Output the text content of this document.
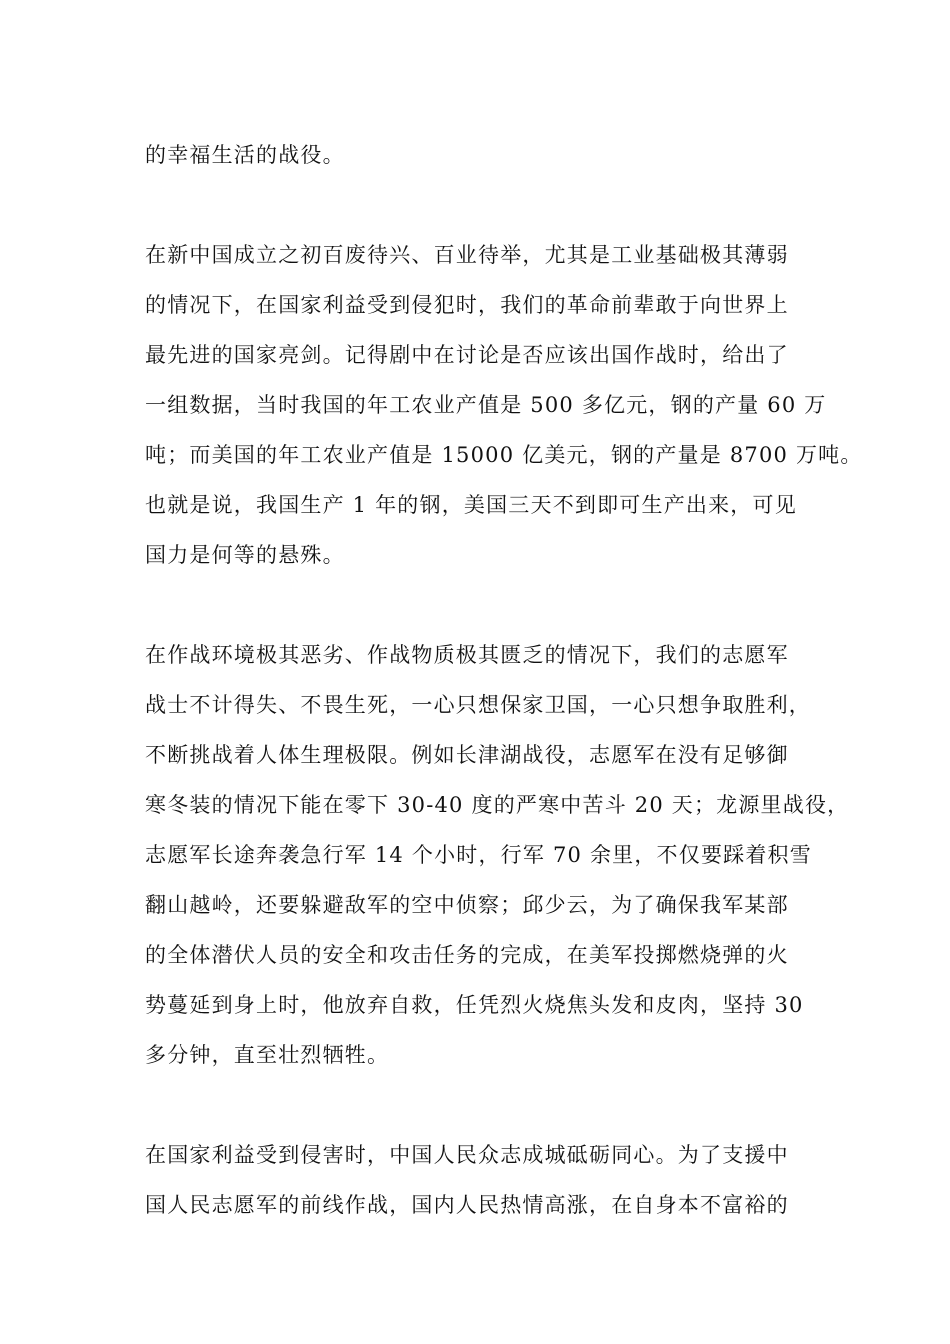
的幸福生活的战役。
在新中国成立之初百废待兴、百业待举，尤其是工业基础极其薄弱
的情况下，在国家利益受到侵犯时，我们的革命前辈敢于向世界上
最先进的国家亮剑。记得剧中在讨论是否应该出国作战时，给出了
一组数据，当时我国的年工农业产值是 500 多亿元，钢的产量 60 万
吨；而美国的年工农业产值是 15000 亿美元，钢的产量是 8700 万吨。
也就是说，我国生产 1 年的钢，美国三天不到即可生产出来，可见
国力是何等的悬殊。
在作战环境极其恶劣、作战物质极其匮乏的情况下，我们的志愿军
战士不计得失、不畏生死，一心只想保家卫国，一心只想争取胜利，
不断挑战着人体生理极限。例如长津湖战役，志愿军在没有足够御
寒冬装的情况下能在零下 30-40 度的严寒中苦斗 20 天；龙源里战役，
志愿军长途奔袭急行军 14 个小时，行军 70 余里，不仅要踩着积雪
翻山越岭，还要躲避敌军的空中侦察；邱少云，为了确保我军某部
的全体潜伏人员的安全和攻击任务的完成，在美军投掷燃烧弹的火
势蔓延到身上时，他放弃自救，任凭烈火烧焦头发和皮肉，坚持 30
多分钟，直至壮烈牺牲。
在国家利益受到侵害时，中国人民众志成城砥砺同心。为了支援中
国人民志愿军的前线作战，国内人民热情高涨，在自身本不富裕的
